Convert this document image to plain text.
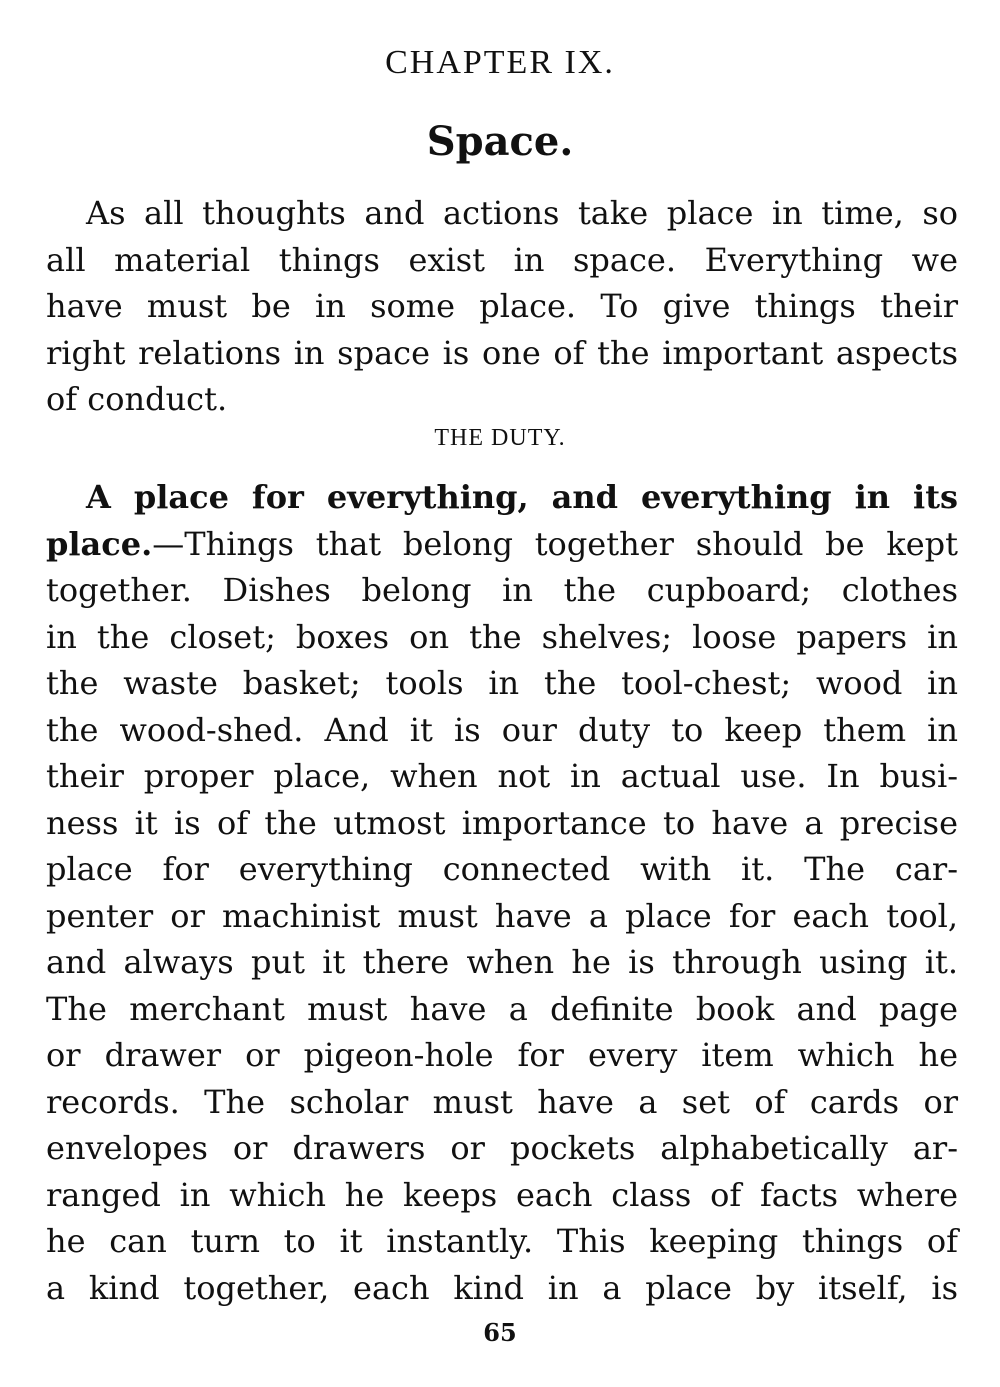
CHAPTER IX.
Space.
As all thoughts and actions take place in time, so
all material things exist in space. Everything we
have must be in some place. To give things their
right relations in space is one of the important aspects
of conduct.
THE DUTY.
A place for everything, and everything in its
place.—Things that belong together should be kept
together. Dishes belong in the cupboard; clothes
in the closet; boxes on the shelves; loose papers in
the waste basket; tools in the tool-chest; wood in
the wood-shed. And it is our duty to keep them in
their proper place, when not in actual use. In busi-
ness it is of the utmost importance to have a precise
place for everything connected with it. The car-
penter or machinist must have a place for each tool,
and always put it there when he is through using it.
The merchant must have a definite book and page
or drawer or pigeon-hole for every item which he
records. The scholar must have a set of cards or
envelopes or drawers or pockets alphabetically ar-
ranged in which he keeps each class of facts where
he can turn to it instantly. This keeping things of
a kind together, each kind in a place by itself, is
65
